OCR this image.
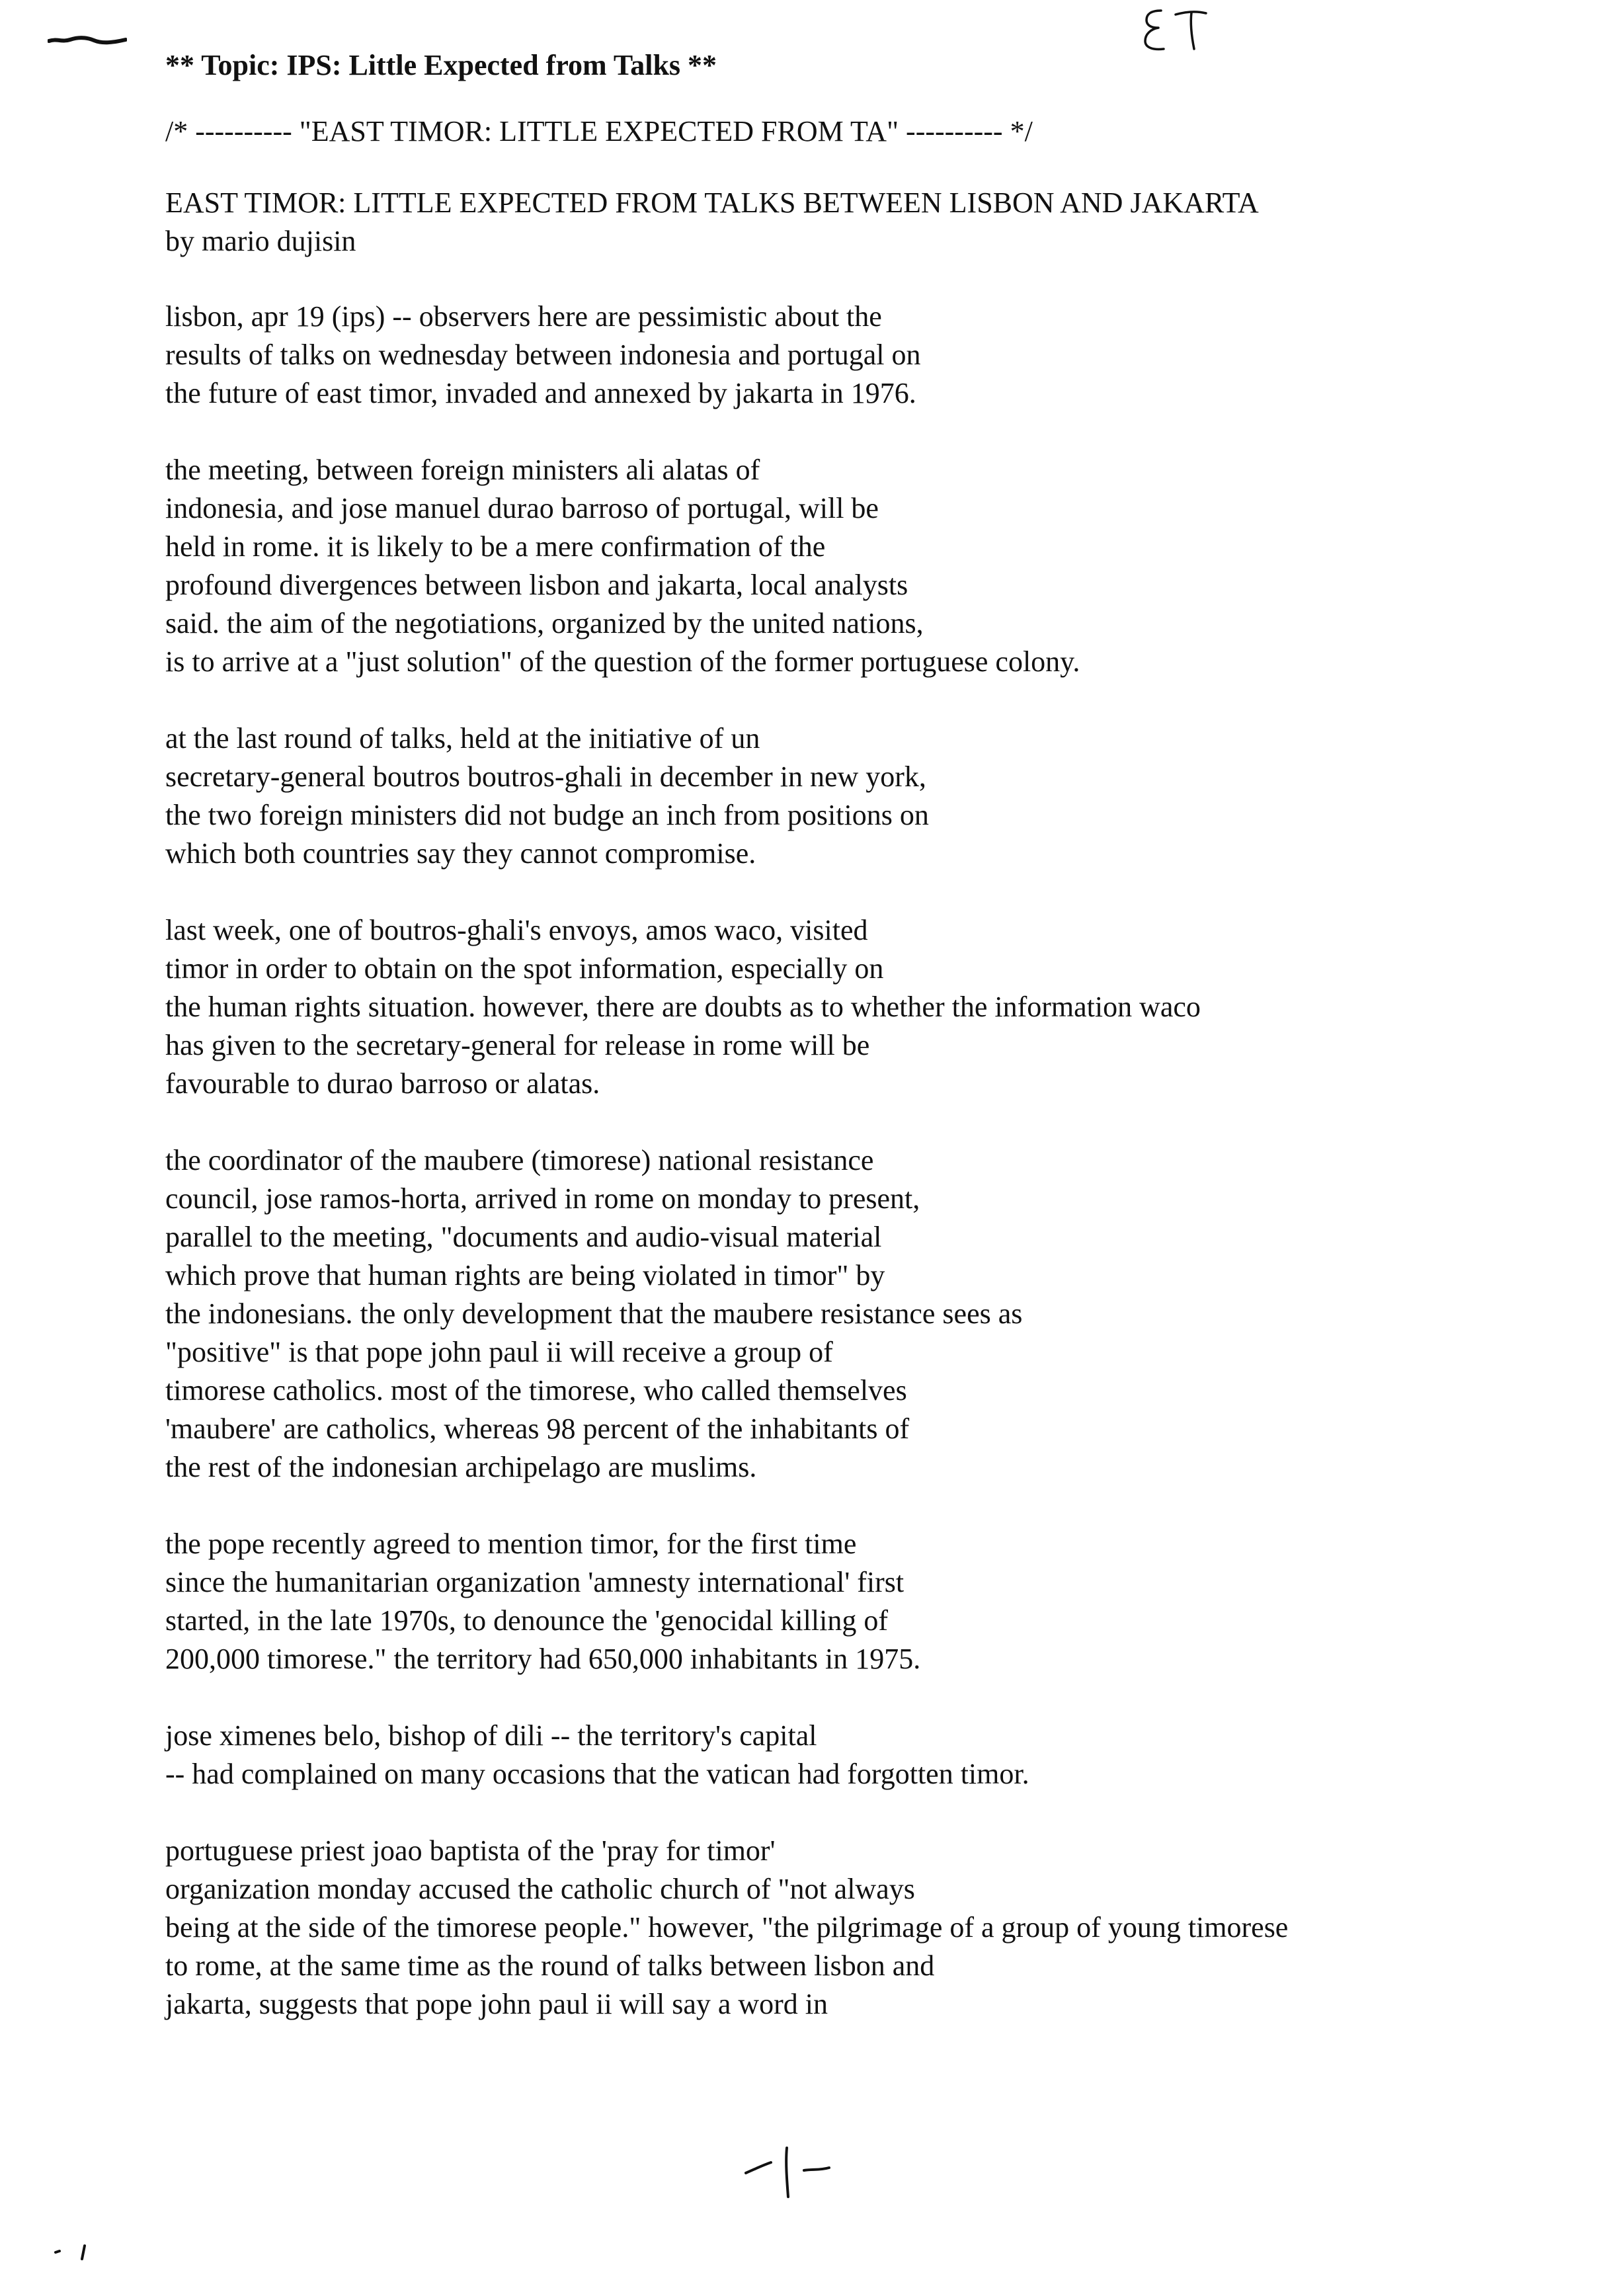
** Topic: IPS: Little Expected from Talks **
/* ---------- "EAST TIMOR: LITTLE EXPECTED FROM TA" ---------- */
EAST TIMOR: LITTLE EXPECTED FROM TALKS BETWEEN LISBON AND JAKARTA
by mario dujisin
lisbon, apr 19 (ips) -- observers here are pessimistic about the
results of talks on wednesday between indonesia and portugal on
the future of east timor, invaded and annexed by jakarta in 1976.
the meeting, between foreign ministers ali alatas of
indonesia, and jose manuel durao barroso of portugal, will be
held in rome. it is likely to be a mere confirmation of the
profound divergences between lisbon and jakarta, local analysts
said. the aim of the negotiations, organized by the united nations,
is to arrive at a "just solution" of the question of the former portuguese colony.
at the last round of talks, held at the initiative of un
secretary-general boutros boutros-ghali in december in new york,
the two foreign ministers did not budge an inch from positions on
which both countries say they cannot compromise.
last week, one of boutros-ghali's envoys, amos waco, visited
timor in order to obtain on the spot information, especially on
the human rights situation. however, there are doubts as to whether the information waco
has given to the secretary-general for release in rome will be
favourable to durao barroso or alatas.
the coordinator of the maubere (timorese) national resistance
council, jose ramos-horta, arrived in rome on monday to present,
parallel to the meeting, "documents and audio-visual material
which prove that human rights are being violated in timor" by
the indonesians. the only development that the maubere resistance sees as
"positive" is that pope john paul ii will receive a group of
timorese catholics. most of the timorese, who called themselves
'maubere' are catholics, whereas 98 percent of the inhabitants of
the rest of the indonesian archipelago are muslims.
the pope recently agreed to mention timor, for the first time
since the humanitarian organization 'amnesty international' first
started, in the late 1970s, to denounce the 'genocidal killing of
200,000 timorese." the territory had 650,000 inhabitants in 1975.
jose ximenes belo, bishop of dili -- the territory's capital
-- had complained on many occasions that the vatican had forgotten timor.
portuguese priest joao baptista of the 'pray for timor'
organization monday accused the catholic church of "not always
being at the side of the timorese people." however, "the pilgrimage of a group of young timorese
to rome, at the same time as the round of talks between lisbon and
jakarta, suggests that pope john paul ii will say a word in
